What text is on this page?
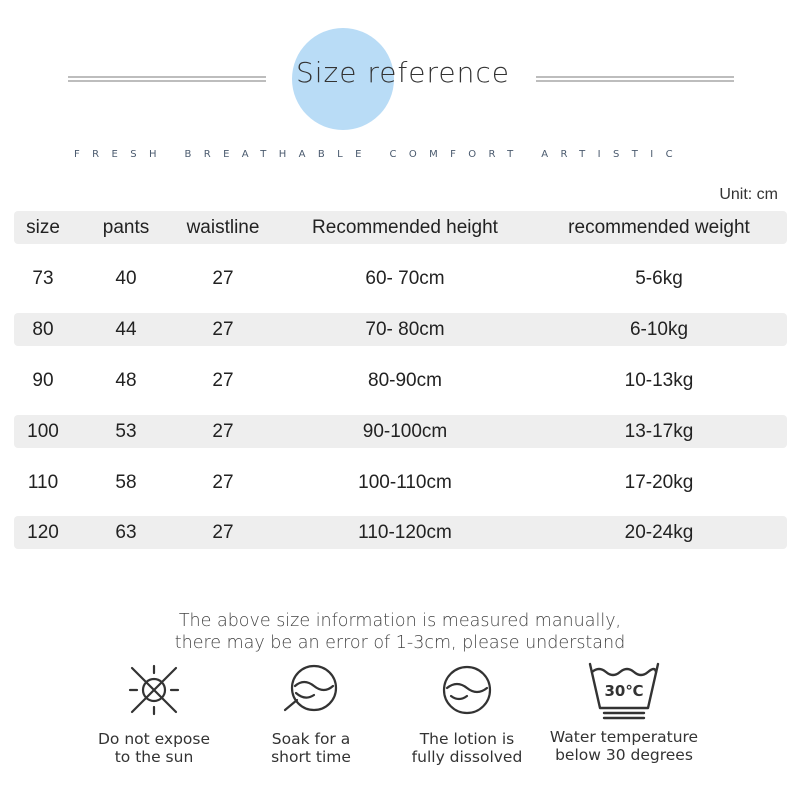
Size reference
FRESH BREATHABLE COMFORT ARTISTIC
Unit: cm
size	pants	waistline	Recommended height	recommended weight
73	40	27	60- 70cm	5-6kg
80	44	27	70- 80cm	6-10kg
90	48	27	80-90cm	10-13kg
100	53	27	90-100cm	13-17kg
110	58	27	100-110cm	17-20kg
120	63	27	110-120cm	20-24kg
The above size information is measured manually,
there may be an error of 1-3cm, please understand
Do not expose
to the sun
Soak for a
short time
The lotion is
fully dissolved
30℃
Water temperature
below 30 degrees
